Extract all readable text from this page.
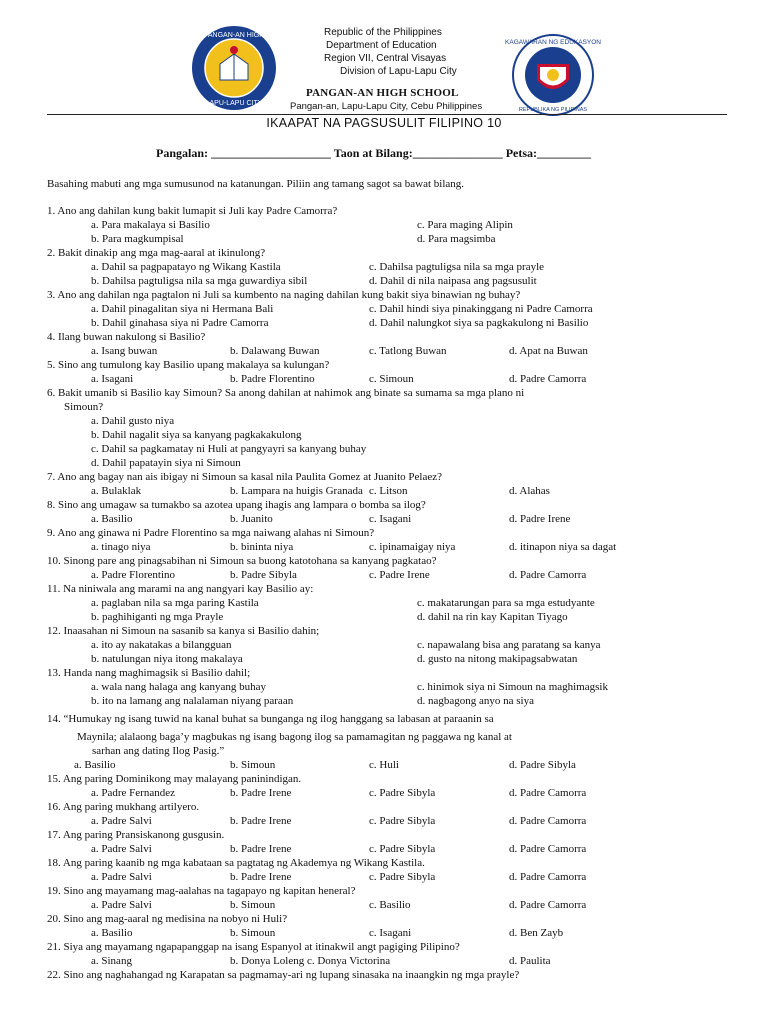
PANGAN-AN HIGH
LAPU-LAPU CITY
Republic of the Philippines
Department of Education
Region VII, Central Visayas
Division of Lapu-Lapu City
PANGAN-AN HIGH SCHOOL
Pangan-an, Lapu-Lapu City, Cebu Philippines
KAGAWARAN NG EDUKASYON
REPUBLIKA NG PILIPINAS
IKAAPAT NA PAGSUSULIT FILIPINO 10
Pangalan: ____________________ Taon at Bilang:_______________ Petsa:_________
Basahing mabuti ang mga sumusunod na katanungan. Piliin ang tamang sagot sa bawat bilang.
1. Ano ang dahilan kung bakit lumapit si Juli kay Padre Camorra?
a. Para makalaya si Basilio	c. Para maging Alipin
b. Para magkumpisal	d. Para magsimba
2. Bakit dinakip ang mga mag-aaral at ikinulong?
a. Dahil sa pagpapatayo ng Wikang Kastila	c. Dahilsa pagtuligsa nila sa mga prayle
b. Dahilsa pagtuligsa nila sa mga guwardiya sibil	d. Dahil di nila naipasa ang pagsusulit
3. Ano ang dahilan nga pagtalon ni Juli sa kumbento na naging dahilan kung bakit siya binawian ng buhay?
a. Dahil pinagalitan siya ni Hermana Bali	c. Dahil hindi siya pinakinggang ni Padre Camorra
b. Dahil ginahasa siya ni Padre Camorra	d. Dahil nalungkot siya sa pagkakulong ni Basilio
4. Ilang buwan nakulong si Basilio?
a. Isang buwan	b. Dalawang Buwan	c. Tatlong Buwan	d. Apat na Buwan
5. Sino ang tumulong kay Basilio upang makalaya sa kulungan?
a. Isagani	b. Padre Florentino	c. Simoun	d. Padre Camorra
6. Bakit umanib si Basilio kay Simoun? Sa anong dahilan at nahimok ang binate sa sumama sa mga plano ni
Simoun?
a. Dahil gusto niya
b. Dahil nagalit siya sa kanyang pagkakakulong
c. Dahil sa pagkamatay ni Huli at pangyayri sa kanyang buhay
d. Dahil papatayin siya ni Simoun
7. Ano ang bagay nan ais ibigay ni Simoun sa kasal nila Paulita Gomez at Juanito Pelaez?
a. Bulaklak	b. Lampara na huigis Granada c. Litson	d. Alahas
8. Sino ang umagaw sa tumakbo sa azotea upang ihagis ang lampara o bomba sa ilog?
a. Basilio	b. Juanito	c. Isagani	d. Padre Irene
9. Ano ang ginawa ni Padre Florentino sa mga naiwang alahas ni Simoun?
a. tinago niya	b. bininta niya	c. ipinamaigay niya	d. itinapon niya sa dagat
10. Sinong pare ang pinagsabihan ni Simoun sa buong katotohana sa kanyang pagkatao?
a. Padre Florentino	b. Padre Sibyla	c. Padre Irene	d. Padre Camorra
11. Na niniwala ang marami na ang nangyari kay Basilio ay:
a. paglaban nila sa mga paring Kastila	c. makatarungan para sa mga estudyante
b. paghihiganti ng mga Prayle	d. dahil na rin kay Kapitan Tiyago
12. Inaasahan ni Simoun na sasanib sa kanya si Basilio dahin;
a. ito ay nakatakas a bilangguan	c. napawalang bisa ang paratang sa kanya
b. natulungan niya itong makalaya	d. gusto na nitong makipagsabwatan
13. Handa nang maghimagsik si Basilio dahil;
a. wala nang halaga ang kanyang buhay	c. hinimok siya ni Simoun na maghimagsik
b. ito na lamang ang nalalaman niyang paraan	d. nagbagong anyo na siya
14. “Humukay ng isang tuwid na kanal buhat sa bunganga ng ilog hanggang sa labasan at paraanin sa
Maynila; alalaong baga’y magbukas ng isang bagong ilog sa pamamagitan ng paggawa ng kanal at
sarhan ang dating Ilog Pasig.”
a. Basilio	b. Simoun	c. Huli	d. Padre Sibyla
15. Ang paring Dominikong may malayang paninindigan.
a. Padre Fernandez	b. Padre Irene	c. Padre Sibyla	d. Padre Camorra
16. Ang paring mukhang artilyero.
a. Padre Salvi	b. Padre Irene	c. Padre Sibyla	d. Padre Camorra
17. Ang paring Pransiskanong gusgusin.
a. Padre Salvi	b. Padre Irene	c. Padre Sibyla	d. Padre Camorra
18. Ang paring kaanib ng mga kabataan sa pagtatag ng Akademya ng Wikang Kastila.
a. Padre Salvi	b. Padre Irene	c. Padre Sibyla	d. Padre Camorra
19. Sino ang mayamang mag-aalahas na tagapayo ng kapitan heneral?
a. Padre Salvi	b. Simoun	c. Basilio	d. Padre Camorra
20. Sino ang mag-aaral ng medisina na nobyo ni Huli?
a. Basilio	b. Simoun	c. Isagani	d. Ben Zayb
21. Siya ang mayamang ngapapanggap na isang Espanyol at itinakwil angt pagiging Pilipino?
a. Sinang	b. Donya Loleng c. Donya Victorina	d. Paulita
22. Sino ang naghahangad ng Karapatan sa pagmamay-ari ng lupang sinasaka na inaangkin ng mga prayle?
